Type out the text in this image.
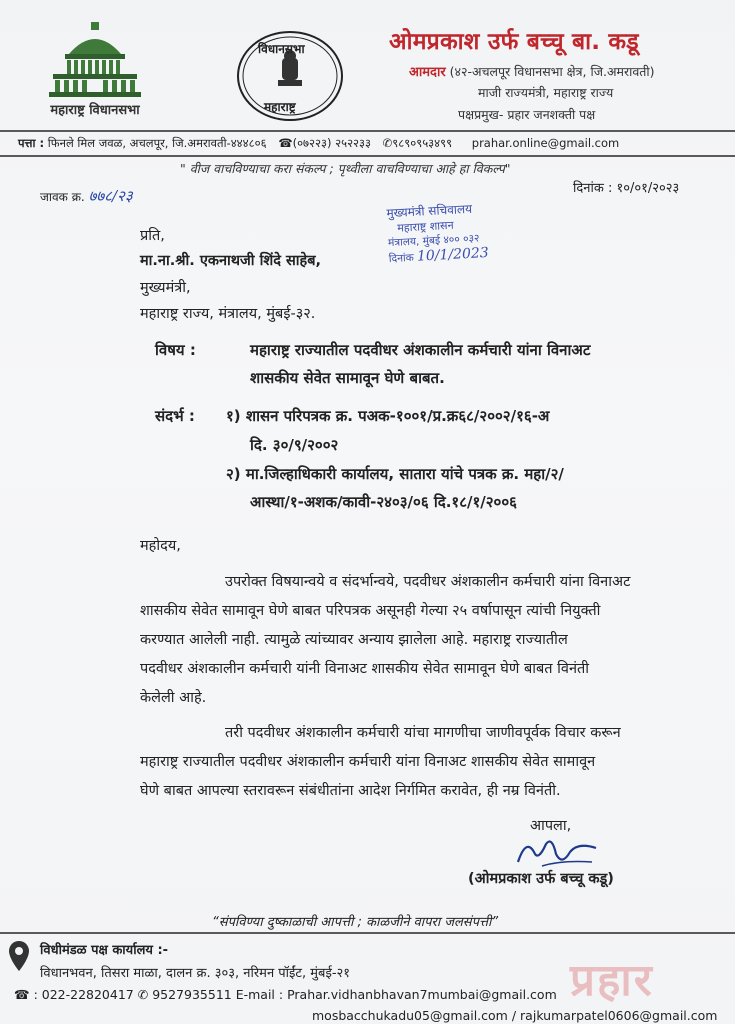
महाराष्ट्र विधानसभा
विधानसभा
महाराष्ट्र
ओमप्रकाश उर्फ बच्चू बा. कडू
आमदार (४२-अचलपूर विधानसभा क्षेत्र, जि.अमरावती)
माजी राज्यमंत्री, महाराष्ट्र राज्य
पक्षप्रमुख- प्रहार जनशक्ती पक्ष
पत्ता : फिनले मिल जवळ, अचलपूर, जि.अमरावती-४४४८०६ ☎(०७२२३) २५२२३३ ✆९८९०९५३४९९ prahar.online@gmail.com
" वीज वाचविण्याचा करा संकल्प ; पृथ्वीला वाचविण्याचा आहे हा विकल्प"
जावक क्र. ७७८/२३	दिनांक : १०/०१/२०२३
मुख्यमंत्री सचिवालय
महाराष्ट्र शासन
मंत्रालय, मुंबई ४०० ०३२
दिनांक 10/1/2023
प्रति,
मा.ना.श्री. एकनाथजी शिंदे साहेब,
मुख्यमंत्री,
महाराष्ट्र राज्य, मंत्रालय, मुंबई-३२.
विषय :	महाराष्ट्र राज्यातील पदवीधर अंशकालीन कर्मचारी यांना विनाअट
शासकीय सेवेत सामावून घेणे बाबत.
संदर्भ : १) शासन परिपत्रक क्र. पअक-१००१/प्र.क्र६८/२००२/१६-अ
दि. ३०/९/२००२
२) मा.जिल्हाधिकारी कार्यालय, सातारा यांचे पत्रक क्र. महा/२/
आस्था/१-अशक/कावी-२४०३/०६ दि.१८/१/२००६
महोदय,
उपरोक्त विषयान्वये व संदर्भान्वये, पदवीधर अंशकालीन कर्मचारी यांना विनाअट
शासकीय सेवेत सामावून घेणे बाबत परिपत्रक असूनही गेल्या २५ वर्षापासून त्यांची नियुक्ती
करण्यात आलेली नाही. त्यामुळे त्यांच्यावर अन्याय झालेला आहे. महाराष्ट्र राज्यातील
पदवीधर अंशकालीन कर्मचारी यांनी विनाअट शासकीय सेवेत सामावून घेणे बाबत विनंती
केलेली आहे.
तरी पदवीधर अंशकालीन कर्मचारी यांचा मागणीचा जाणीवपूर्वक विचार करून
महाराष्ट्र राज्यातील पदवीधर अंशकालीन कर्मचारी यांना विनाअट शासकीय सेवेत सामावून
घेणे बाबत आपल्या स्तरावरून संबंधीतांना आदेश निर्गमित करावेत, ही नम्र विनंती.
आपला,
(ओमप्रकाश उर्फ बच्चू कडू)
“संपविण्या दुष्काळाची आपत्ती ; काळजीने वापरा जलसंपत्ती”
प्रहार
विधीमंडळ पक्ष कार्यालय :-
विधानभवन, तिसरा माळा, दालन क्र. ३०३, नरिमन पॉईंट, मुंबई-२१
☎ : 022-22820417 ✆ 9527935511 E-mail : Prahar.vidhanbhavan7mumbai@gmail.com
mosbacchukadu05@gmail.com / rajkumarpatel0606@gmail.com
